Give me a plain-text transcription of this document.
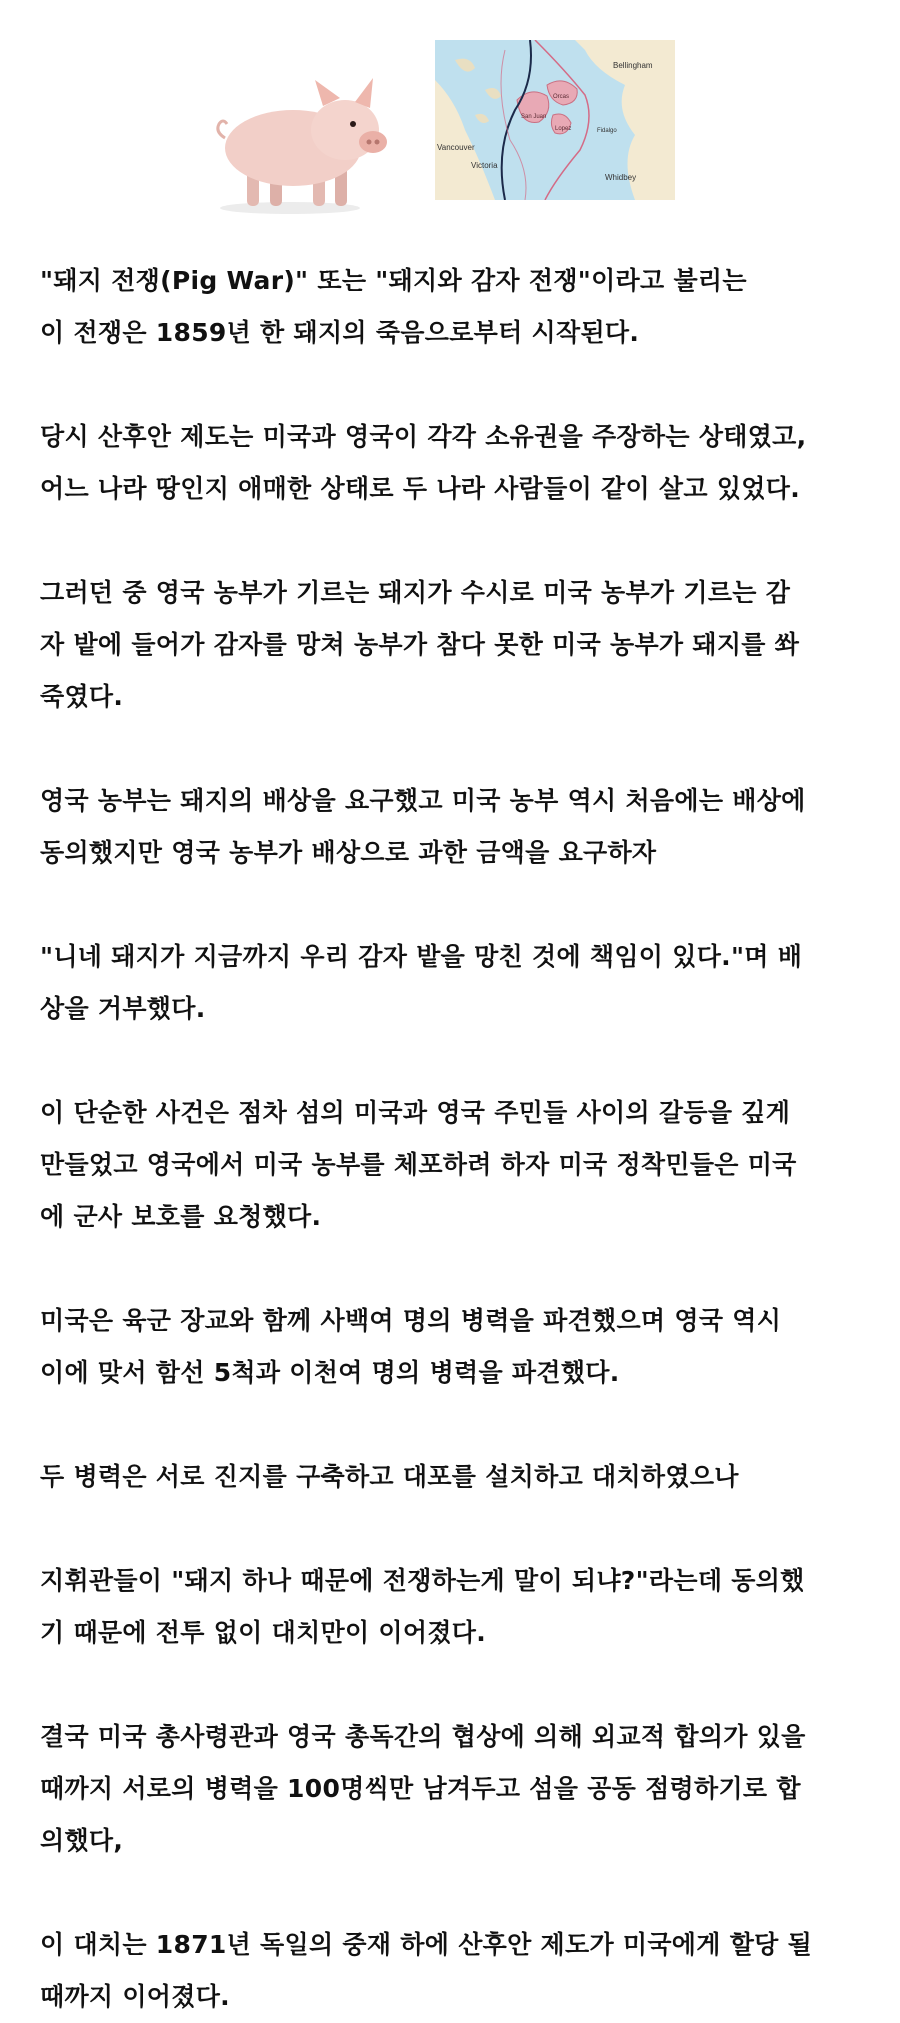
Bellingham
Vancouver
Victoria
San Juan
Orcas
Lopez	Fidalgo
Whidbey

"돼지 전쟁(Pig War)" 또는 "돼지와 감자 전쟁"이라고 불리는
이 전쟁은 1859년 한 돼지의 죽음으로부터 시작된다.

당시 산후안 제도는 미국과 영국이 각각 소유권을 주장하는 상태였고,
어느 나라 땅인지 애매한 상태로 두 나라 사람들이 같이 살고 있었다.

그러던 중 영국 농부가 기르는 돼지가 수시로 미국 농부가 기르는 감
자 밭에 들어가 감자를 망쳐 농부가 참다 못한 미국 농부가 돼지를 쏴
죽였다.

영국 농부는 돼지의 배상을 요구했고 미국 농부 역시 처음에는 배상에
동의했지만 영국 농부가 배상으로 과한 금액을 요구하자

"니네 돼지가 지금까지 우리 감자 밭을 망친 것에 책임이 있다."며 배
상을 거부했다.

이 단순한 사건은 점차 섬의 미국과 영국 주민들 사이의 갈등을 깊게
만들었고 영국에서 미국 농부를 체포하려 하자 미국 정착민들은 미국
에 군사 보호를 요청했다.

미국은 육군 장교와 함께 사백여 명의 병력을 파견했으며 영국 역시
이에 맞서 함선 5척과 이천여 명의 병력을 파견했다.

두 병력은 서로 진지를 구축하고 대포를 설치하고 대치하였으나

지휘관들이 "돼지 하나 때문에 전쟁하는게 말이 되냐?"라는데 동의했
기 때문에 전투 없이 대치만이 이어졌다.

결국 미국 총사령관과 영국 총독간의 협상에 의해 외교적 합의가 있을
때까지 서로의 병력을 100명씩만 남겨두고 섬을 공동 점령하기로 합
의했다,

이 대치는 1871년 독일의 중재 하에 산후안 제도가 미국에게 할당 될
때까지 이어졌다.
